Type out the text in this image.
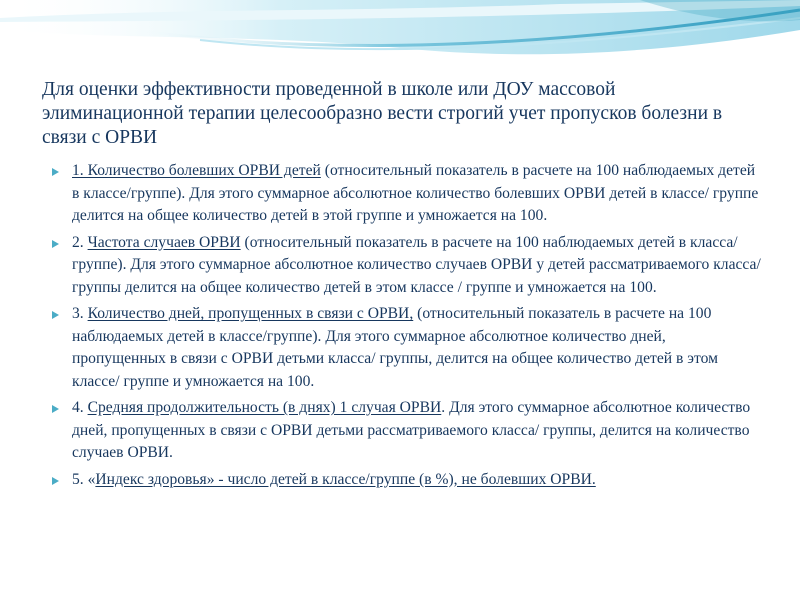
Для оценки эффективности проведенной в школе или ДОУ массовой элиминационной терапии целесообразно вести строгий учет пропусков болезни в связи с ОРВИ
1. Количество болевших ОРВИ детей (относительный показатель в расчете на 100 наблюдаемых детей в классе/группе). Для этого суммарное абсолютное количество болевших ОРВИ детей в классе/ группе делится на общее количество детей в этой группе и умножается на 100.
2. Частота случаев ОРВИ (относительный показатель в расчете на 100 наблюдаемых детей в класса/ группе). Для этого суммарное абсолютное количество случаев ОРВИ у детей рассматриваемого класса/группы делится на общее количество детей в этом классе / группе и умножается на 100.
3. Количество дней, пропущенных в связи с ОРВИ, (относительный показатель в расчете на 100 наблюдаемых детей в классе/группе). Для этого суммарное абсолютное количество дней, пропущенных в связи с ОРВИ детьми класса/ группы, делится на общее количество детей в этом классе/ группе и умножается на 100.
4. Средняя продолжительность (в днях) 1 случая ОРВИ. Для этого суммарное абсолютное количество дней, пропущенных в связи с ОРВИ детьми рассматриваемого класса/ группы, делится на количество случаев ОРВИ.
5. «Индекс здоровья» - число детей в классе/группе (в %), не болевших ОРВИ.
